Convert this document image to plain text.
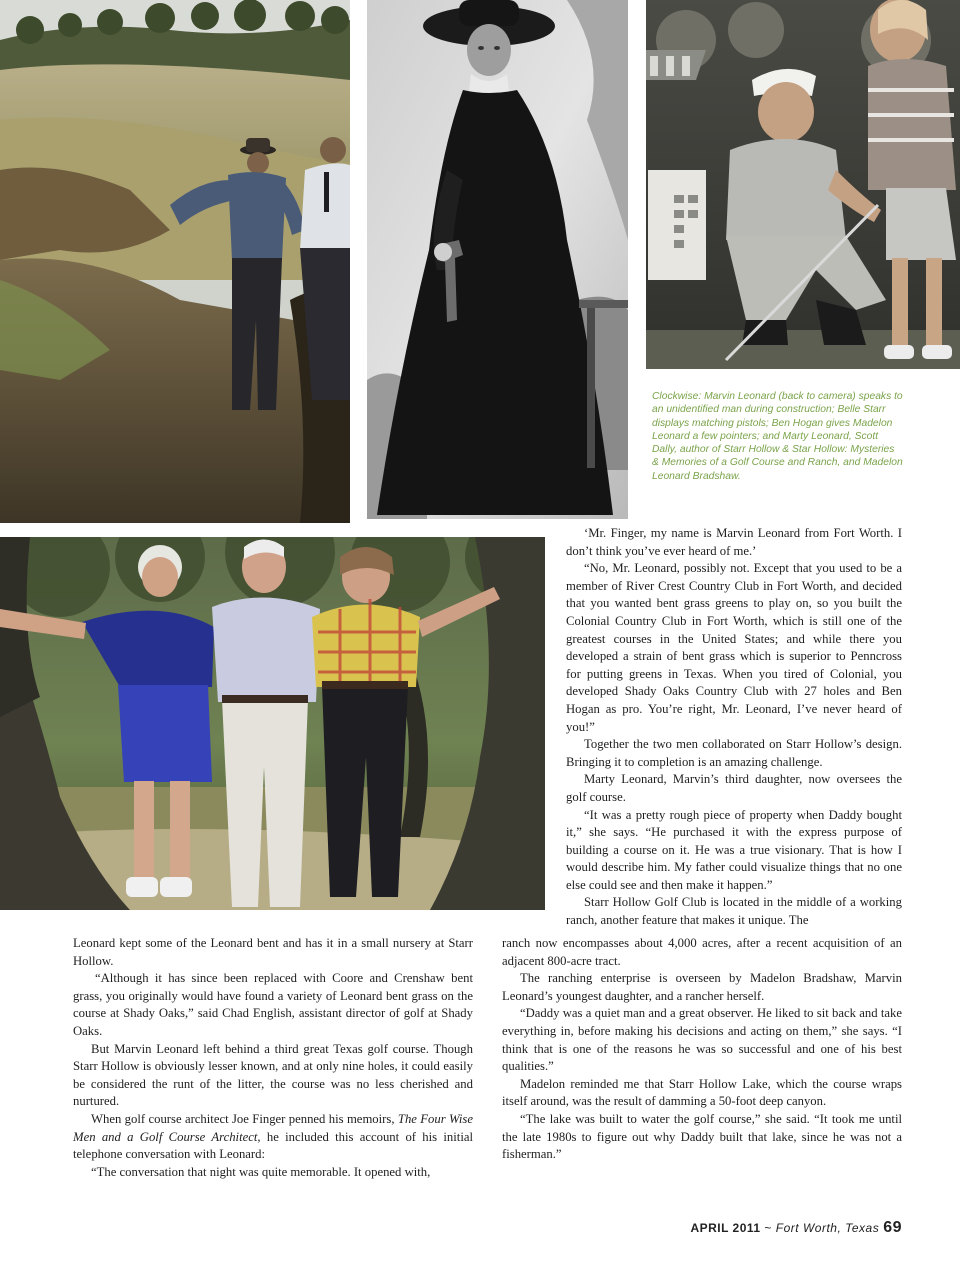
Clockwise: Marvin Leonard (back to camera) speaks to an unidentified man during construction; Belle Starr displays matching pistols; Ben Hogan gives Madelon Leonard a few pointers; and Marty Leonard, Scott Dally, author of Starr Hollow & Star Hollow: Mysteries & Memories of a Golf Course and Ranch, and Madelon Leonard Bradshaw.

Leonard kept some of the Leonard bent and has it in a small nursery at Starr Hollow.

“Although it has since been replaced with Coore and Crenshaw bent grass, you originally would have found a variety of Leonard bent grass on the course at Shady Oaks,” said Chad English, assistant director of golf at Shady Oaks.

But Marvin Leonard left behind a third great Texas golf course. Though Starr Hollow is obviously lesser known, and at only nine holes, it could easily be considered the runt of the litter, the course was no less cherished and nurtured.

When golf course architect Joe Finger penned his memoirs, The Four Wise Men and a Golf Course Architect, he included this account of his initial telephone conversation with Leonard:

“The conversation that night was quite memorable. It opened with,

‘Mr. Finger, my name is Marvin Leonard from Fort Worth. I don’t think you’ve ever heard of me.’

“No, Mr. Leonard, possibly not. Except that you used to be a member of River Crest Country Club in Fort Worth, and decided that you wanted bent grass greens to play on, so you built the Colonial Country Club in Fort Worth, which is still one of the greatest courses in the United States; and while there you developed a strain of bent grass which is superior to Penncross for putting greens in Texas. When you tired of Colonial, you developed Shady Oaks Country Club with 27 holes and Ben Hogan as pro. You’re right, Mr. Leonard, I’ve never heard of you!”

Together the two men collaborated on Starr Hollow’s design. Bringing it to completion is an amazing challenge.

Marty Leonard, Marvin’s third daughter, now oversees the golf course.

“It was a pretty rough piece of property when Daddy bought it,” she says. “He purchased it with the express purpose of building a course on it. He was a true visionary. That is how I would describe him. My father could visualize things that no one else could see and then make it happen.”

Starr Hollow Golf Club is located in the middle of a working ranch, another feature that makes it unique. The

ranch now encompasses about 4,000 acres, after a recent acquisition of an adjacent 800-acre tract.

The ranching enterprise is overseen by Madelon Bradshaw, Marvin Leonard’s youngest daughter, and a rancher herself.

“Daddy was a quiet man and a great observer. He liked to sit back and take everything in, before making his decisions and acting on them,” she says. “I think that is one of the reasons he was so successful and one of his best qualities.”

Madelon reminded me that Starr Hollow Lake, which the course wraps itself around, was the result of damming a 50-foot deep canyon.

“The lake was built to water the golf course,” she said. “It took me until the late 1980s to figure out why Daddy built that lake, since he was not a fisherman.”

APRIL 2011 ~ Fort Worth, Texas 69
